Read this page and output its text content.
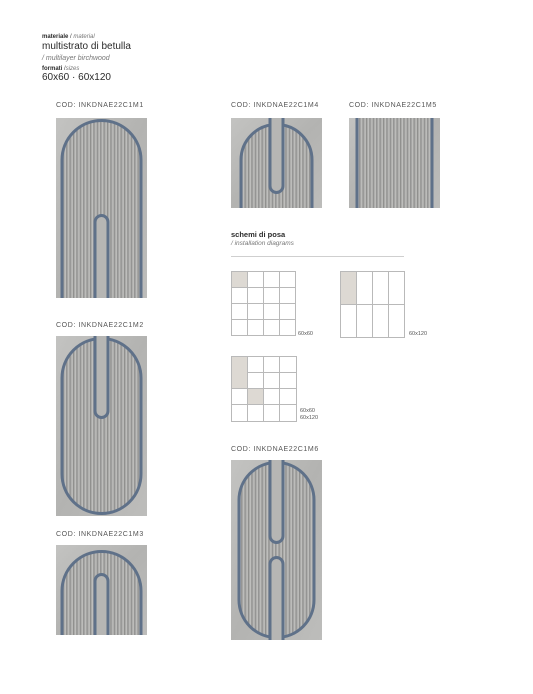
materiale / material
multistrato di betulla
/ multilayer birchwood
formati /sizes
60x60 · 60x120
COD: INKDNAE22C1M1
COD: INKDNAE22C1M2
COD: INKDNAE22C1M3
COD: INKDNAE22C1M4	COD: INKDNAE22C1M5
COD: INKDNAE22C1M6
schemi di posa
/ installation diagrams

60x60

				60x120
60x60
60x120
